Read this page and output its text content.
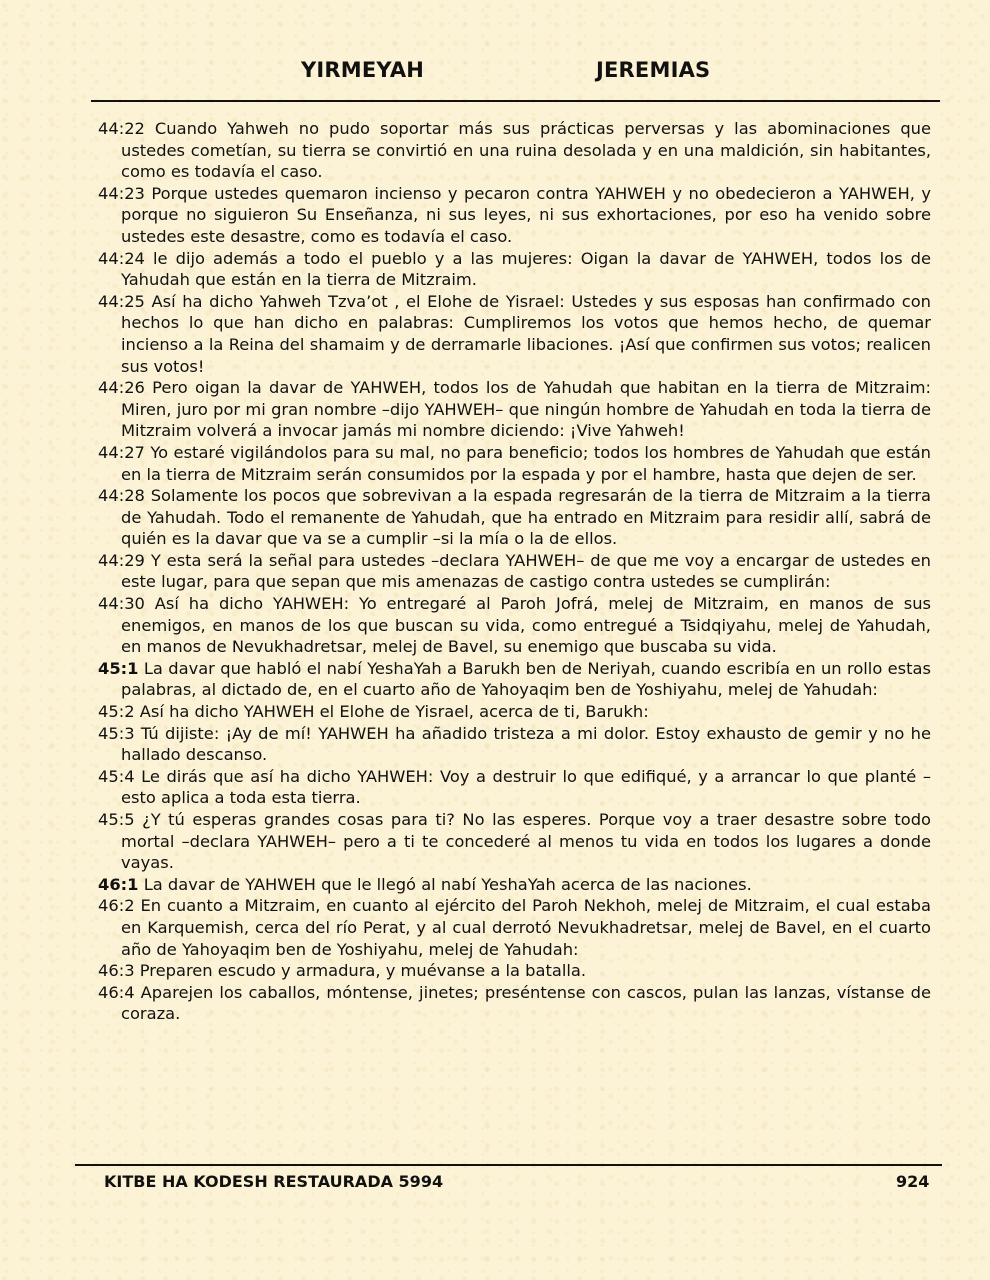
YIRMEYAH	JEREMIAS

44:22 Cuando Yahweh no pudo soportar más sus prácticas perversas y las abominaciones que ustedes cometían, su tierra se convirtió en una ruina desolada y en una maldición, sin habitantes, como es todavía el caso.

44:23 Porque ustedes quemaron incienso y pecaron contra YAHWEH y no obedecieron a YAHWEH, y porque no siguieron Su Enseñanza, ni sus leyes, ni sus exhortaciones, por eso ha venido sobre ustedes este desastre, como es todavía el caso.

44:24 le dijo además a todo el pueblo y a las mujeres: Oigan la davar de YAHWEH, todos los de Yahudah que están en la tierra de Mitzraim.

44:25 Así ha dicho Yahweh Tzva’ot , el Elohe de Yisrael: Ustedes y sus esposas han confirmado con hechos lo que han dicho en palabras: Cumpliremos los votos que hemos hecho, de quemar incienso a la Reina del shamaim y de derramarle libaciones. ¡Así que confirmen sus votos; realicen sus votos!

44:26 Pero oigan la davar de YAHWEH, todos los de Yahudah que habitan en la tierra de Mitzraim: Miren, juro por mi gran nombre –dijo YAHWEH– que ningún hombre de Yahudah en toda la tierra de Mitzraim volverá a invocar jamás mi nombre diciendo: ¡Vive Yahweh!

44:27 Yo estaré vigilándolos para su mal, no para beneficio; todos los hombres de Yahudah que están en la tierra de Mitzraim serán consumidos por la espada y por el hambre, hasta que dejen de ser.

44:28 Solamente los pocos que sobrevivan a la espada regresarán de la tierra de Mitzraim a la tierra de Yahudah. Todo el remanente de Yahudah, que ha entrado en Mitzraim para residir allí, sabrá de quién es la davar que va se a cumplir –si la mía o la de ellos.

44:29 Y esta será la señal para ustedes –declara YAHWEH– de que me voy a encargar de ustedes en este lugar, para que sepan que mis amenazas de castigo contra ustedes se cumplirán:

44:30 Así ha dicho YAHWEH: Yo entregaré al Paroh Jofrá, melej de Mitzraim, en manos de sus enemigos, en manos de los que buscan su vida, como entregué a Tsidqiyahu, melej de Yahudah, en manos de Nevukhadretsar, melej de Bavel, su enemigo que buscaba su vida.

45:1 La davar que habló el nabí YeshaYah a Barukh ben de Neriyah, cuando escribía en un rollo estas palabras, al dictado de, en el cuarto año de Yahoyaqim ben de Yoshiyahu, melej de Yahudah:

45:2 Así ha dicho YAHWEH el Elohe de Yisrael, acerca de ti, Barukh:

45:3 Tú dijiste: ¡Ay de mí! YAHWEH ha añadido tristeza a mi dolor. Estoy exhausto de gemir y no he hallado descanso.

45:4 Le dirás que así ha dicho YAHWEH: Voy a destruir lo que edifiqué, y a arrancar lo que planté –esto aplica a toda esta tierra.

45:5 ¿Y tú esperas grandes cosas para ti? No las esperes. Porque voy a traer desastre sobre todo mortal –declara YAHWEH– pero a ti te concederé al menos tu vida en todos los lugares a donde vayas.

46:1 La davar de YAHWEH que le llegó al nabí YeshaYah acerca de las naciones.

46:2 En cuanto a Mitzraim, en cuanto al ejército del Paroh Nekhoh, melej de Mitzraim, el cual estaba en Karquemish, cerca del río Perat, y al cual derrotó Nevukhadretsar, melej de Bavel, en el cuarto año de Yahoyaqim ben de Yoshiyahu, melej de Yahudah:

46:3 Preparen escudo y armadura, y muévanse a la batalla.

46:4 Aparejen los caballos, móntense, jinetes; preséntense con cascos, pulan las lanzas, vístanse de coraza.

KITBE HA KODESH RESTAURADA 5994	924
